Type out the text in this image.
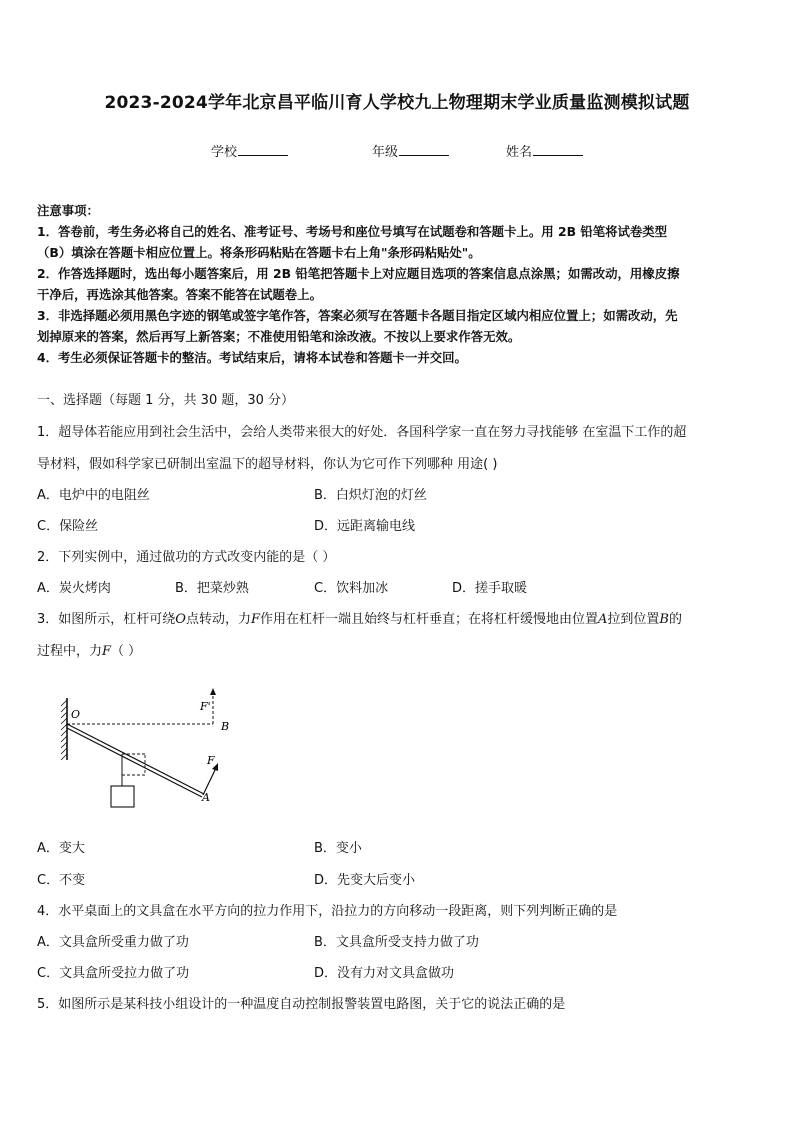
2023-2024学年北京昌平临川育人学校九上物理期末学业质量监测模拟试题
学校	年级	姓名
注意事项：
1．答卷前，考生务必将自己的姓名、准考证号、考场号和座位号填写在试题卷和答题卡上。用 2B 铅笔将试卷类型
（B）填涂在答题卡相应位置上。将条形码粘贴在答题卡右上角"条形码粘贴处"。
2．作答选择题时，选出每小题答案后，用 2B 铅笔把答题卡上对应题目选项的答案信息点涂黑；如需改动，用橡皮擦
干净后，再选涂其他答案。答案不能答在试题卷上。
3．非选择题必须用黑色字迹的钢笔或签字笔作答，答案必须写在答题卡各题目指定区域内相应位置上；如需改动，先
划掉原来的答案，然后再写上新答案；不准使用铅笔和涂改液。不按以上要求作答无效。
4．考生必须保证答题卡的整洁。考试结束后，请将本试卷和答题卡一并交回。
一、选择题（每题 1 分，共 30 题，30 分）
1．超导体若能应用到社会生活中，会给人类带来很大的好处．各国科学家一直在努力寻找能够 在室温下工作的超
导材料，假如科学家已研制出室温下的超导材料，你认为它可作下列哪种 用途( )
A．电炉中的电阻丝	B．白炽灯泡的灯丝
C．保险丝	D．远距离输电线
2．下列实例中，通过做功的方式改变内能的是（ ）
A．炭火烤肉	B．把菜炒熟	C．饮料加冰	D．搓手取暖
3．如图所示，杠杆可绕O点转动，力F作用在杠杆一端且始终与杠杆垂直；在将杠杆缓慢地由位置A拉到位置B的
过程中，力F（ ）
O
F'
B
F
A
A．变大	B．变小
C．不变	D．先变大后变小
4．水平桌面上的文具盒在水平方向的拉力作用下，沿拉力的方向移动一段距离，则下列判断正确的是
A．文具盒所受重力做了功	B．文具盒所受支持力做了功
C．文具盒所受拉力做了功	D．没有力对文具盒做功
5．如图所示是某科技小组设计的一种温度自动控制报警装置电路图，关于它的说法正确的是
